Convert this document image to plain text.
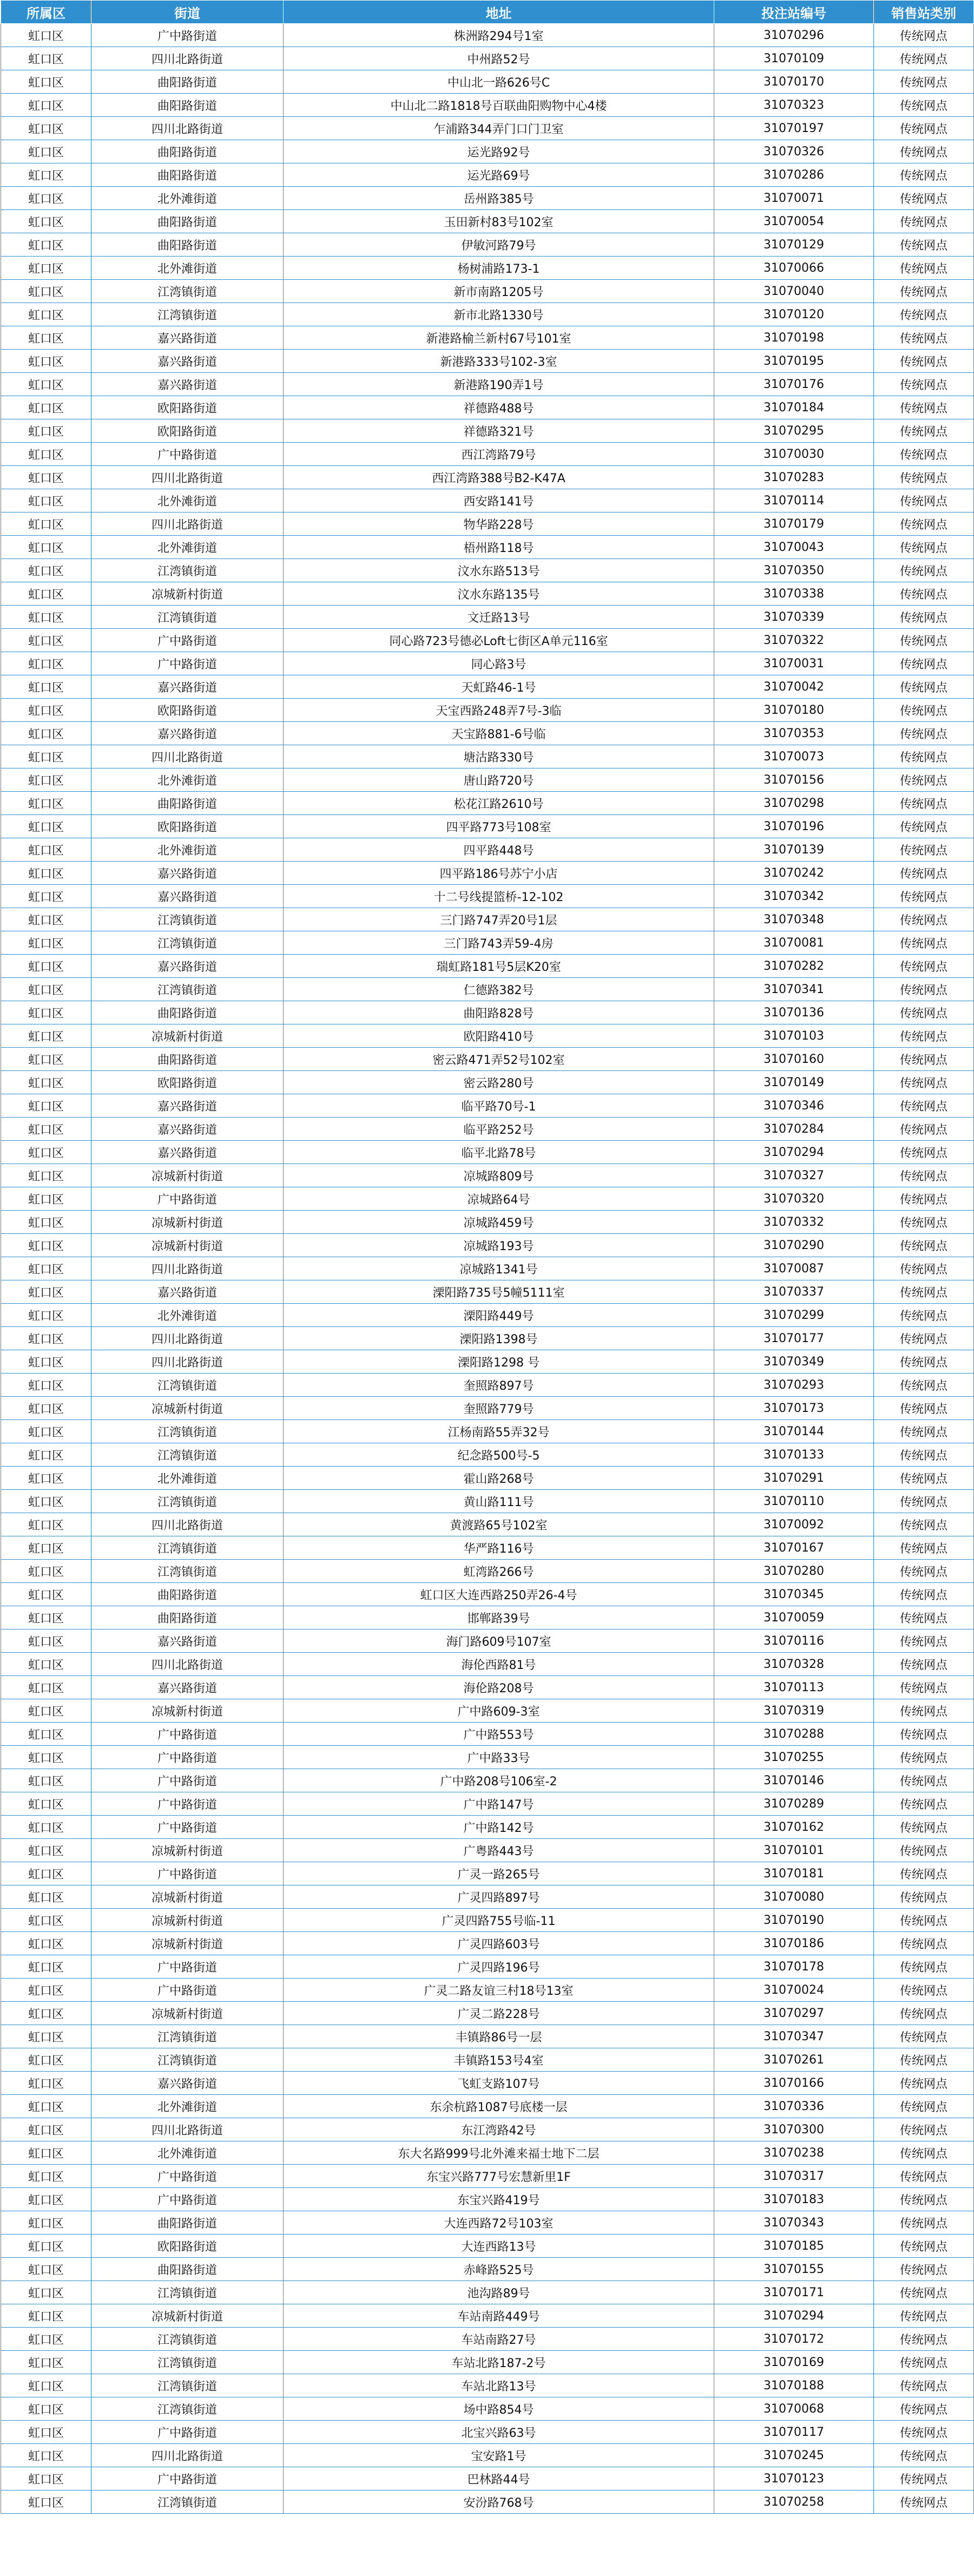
所属区	街道	地址	投注站编号	销售站类别
虹口区	广中路街道	株洲路294号1室	31070296	传统网点
虹口区	四川北路街道	中州路52号	31070109	传统网点
虹口区	曲阳路街道	中山北一路626号C	31070170	传统网点
虹口区	曲阳路街道	中山北二路1818号百联曲阳购物中心4楼	31070323	传统网点
虹口区	四川北路街道	乍浦路344弄门口门卫室	31070197	传统网点
虹口区	曲阳路街道	运光路92号	31070326	传统网点
虹口区	曲阳路街道	运光路69号	31070286	传统网点
虹口区	北外滩街道	岳州路385号	31070071	传统网点
虹口区	曲阳路街道	玉田新村83号102室	31070054	传统网点
虹口区	曲阳路街道	伊敏河路79号	31070129	传统网点
虹口区	北外滩街道	杨树浦路173-1	31070066	传统网点
虹口区	江湾镇街道	新市南路1205号	31070040	传统网点
虹口区	江湾镇街道	新市北路1330号	31070120	传统网点
虹口区	嘉兴路街道	新港路榆兰新村67号101室	31070198	传统网点
虹口区	嘉兴路街道	新港路333号102-3室	31070195	传统网点
虹口区	嘉兴路街道	新港路190弄1号	31070176	传统网点
虹口区	欧阳路街道	祥德路488号	31070184	传统网点
虹口区	欧阳路街道	祥德路321号	31070295	传统网点
虹口区	广中路街道	西江湾路79号	31070030	传统网点
虹口区	四川北路街道	西江湾路388号B2-K47A	31070283	传统网点
虹口区	北外滩街道	西安路141号	31070114	传统网点
虹口区	四川北路街道	物华路228号	31070179	传统网点
虹口区	北外滩街道	梧州路118号	31070043	传统网点
虹口区	江湾镇街道	汶水东路513号	31070350	传统网点
虹口区	凉城新村街道	汶水东路135号	31070338	传统网点
虹口区	江湾镇街道	文迁路13号	31070339	传统网点
虹口区	广中路街道	同心路723号德必Loft七街区A单元116室	31070322	传统网点
虹口区	广中路街道	同心路3号	31070031	传统网点
虹口区	嘉兴路街道	天虹路46-1号	31070042	传统网点
虹口区	欧阳路街道	天宝西路248弄7号-3临	31070180	传统网点
虹口区	嘉兴路街道	天宝路881-6号临	31070353	传统网点
虹口区	四川北路街道	塘沽路330号	31070073	传统网点
虹口区	北外滩街道	唐山路720号	31070156	传统网点
虹口区	曲阳路街道	松花江路2610号	31070298	传统网点
虹口区	欧阳路街道	四平路773号108室	31070196	传统网点
虹口区	北外滩街道	四平路448号	31070139	传统网点
虹口区	嘉兴路街道	四平路186号苏宁小店	31070242	传统网点
虹口区	嘉兴路街道	十二号线提篮桥-12-102	31070342	传统网点
虹口区	江湾镇街道	三门路747弄20号1层	31070348	传统网点
虹口区	江湾镇街道	三门路743弄59-4房	31070081	传统网点
虹口区	嘉兴路街道	瑞虹路181号5层K20室	31070282	传统网点
虹口区	江湾镇街道	仁德路382号	31070341	传统网点
虹口区	曲阳路街道	曲阳路828号	31070136	传统网点
虹口区	凉城新村街道	欧阳路410号	31070103	传统网点
虹口区	曲阳路街道	密云路471弄52号102室	31070160	传统网点
虹口区	欧阳路街道	密云路280号	31070149	传统网点
虹口区	嘉兴路街道	临平路70号-1	31070346	传统网点
虹口区	嘉兴路街道	临平路252号	31070284	传统网点
虹口区	嘉兴路街道	临平北路78号	31070294	传统网点
虹口区	凉城新村街道	凉城路809号	31070327	传统网点
虹口区	广中路街道	凉城路64号	31070320	传统网点
虹口区	凉城新村街道	凉城路459号	31070332	传统网点
虹口区	凉城新村街道	凉城路193号	31070290	传统网点
虹口区	四川北路街道	凉城路1341号	31070087	传统网点
虹口区	嘉兴路街道	溧阳路735号5幢5111室	31070337	传统网点
虹口区	北外滩街道	溧阳路449号	31070299	传统网点
虹口区	四川北路街道	溧阳路1398号	31070177	传统网点
虹口区	四川北路街道	溧阳路1298 号	31070349	传统网点
虹口区	江湾镇街道	奎照路897号	31070293	传统网点
虹口区	凉城新村街道	奎照路779号	31070173	传统网点
虹口区	江湾镇街道	江杨南路55弄32号	31070144	传统网点
虹口区	江湾镇街道	纪念路500号-5	31070133	传统网点
虹口区	北外滩街道	霍山路268号	31070291	传统网点
虹口区	江湾镇街道	黄山路111号	31070110	传统网点
虹口区	四川北路街道	黄渡路65号102室	31070092	传统网点
虹口区	江湾镇街道	华严路116号	31070167	传统网点
虹口区	江湾镇街道	虹湾路266号	31070280	传统网点
虹口区	曲阳路街道	虹口区大连西路250弄26-4号	31070345	传统网点
虹口区	曲阳路街道	邯郸路39号	31070059	传统网点
虹口区	嘉兴路街道	海门路609号107室	31070116	传统网点
虹口区	四川北路街道	海伦西路81号	31070328	传统网点
虹口区	嘉兴路街道	海伦路208号	31070113	传统网点
虹口区	凉城新村街道	广中路609-3室	31070319	传统网点
虹口区	广中路街道	广中路553号	31070288	传统网点
虹口区	广中路街道	广中路33号	31070255	传统网点
虹口区	广中路街道	广中路208号106室-2	31070146	传统网点
虹口区	广中路街道	广中路147号	31070289	传统网点
虹口区	广中路街道	广中路142号	31070162	传统网点
虹口区	凉城新村街道	广粤路443号	31070101	传统网点
虹口区	广中路街道	广灵一路265号	31070181	传统网点
虹口区	凉城新村街道	广灵四路897号	31070080	传统网点
虹口区	凉城新村街道	广灵四路755号临-11	31070190	传统网点
虹口区	凉城新村街道	广灵四路603号	31070186	传统网点
虹口区	广中路街道	广灵四路196号	31070178	传统网点
虹口区	广中路街道	广灵二路友谊三村18号13室	31070024	传统网点
虹口区	凉城新村街道	广灵二路228号	31070297	传统网点
虹口区	江湾镇街道	丰镇路86号一层	31070347	传统网点
虹口区	江湾镇街道	丰镇路153号4室	31070261	传统网点
虹口区	嘉兴路街道	飞虹支路107号	31070166	传统网点
虹口区	北外滩街道	东余杭路1087号底楼一层	31070336	传统网点
虹口区	四川北路街道	东江湾路42号	31070300	传统网点
虹口区	北外滩街道	东大名路999号北外滩来福士地下二层	31070238	传统网点
虹口区	广中路街道	东宝兴路777号宏慧新里1F	31070317	传统网点
虹口区	广中路街道	东宝兴路419号	31070183	传统网点
虹口区	曲阳路街道	大连西路72号103室	31070343	传统网点
虹口区	欧阳路街道	大连西路13号	31070185	传统网点
虹口区	曲阳路街道	赤峰路525号	31070155	传统网点
虹口区	江湾镇街道	池沟路89号	31070171	传统网点
虹口区	凉城新村街道	车站南路449号	31070294	传统网点
虹口区	江湾镇街道	车站南路27号	31070172	传统网点
虹口区	江湾镇街道	车站北路187-2号	31070169	传统网点
虹口区	江湾镇街道	车站北路13号	31070188	传统网点
虹口区	江湾镇街道	场中路854号	31070068	传统网点
虹口区	广中路街道	北宝兴路63号	31070117	传统网点
虹口区	四川北路街道	宝安路1号	31070245	传统网点
虹口区	广中路街道	巴林路44号	31070123	传统网点
虹口区	江湾镇街道	安汾路768号	31070258	传统网点
